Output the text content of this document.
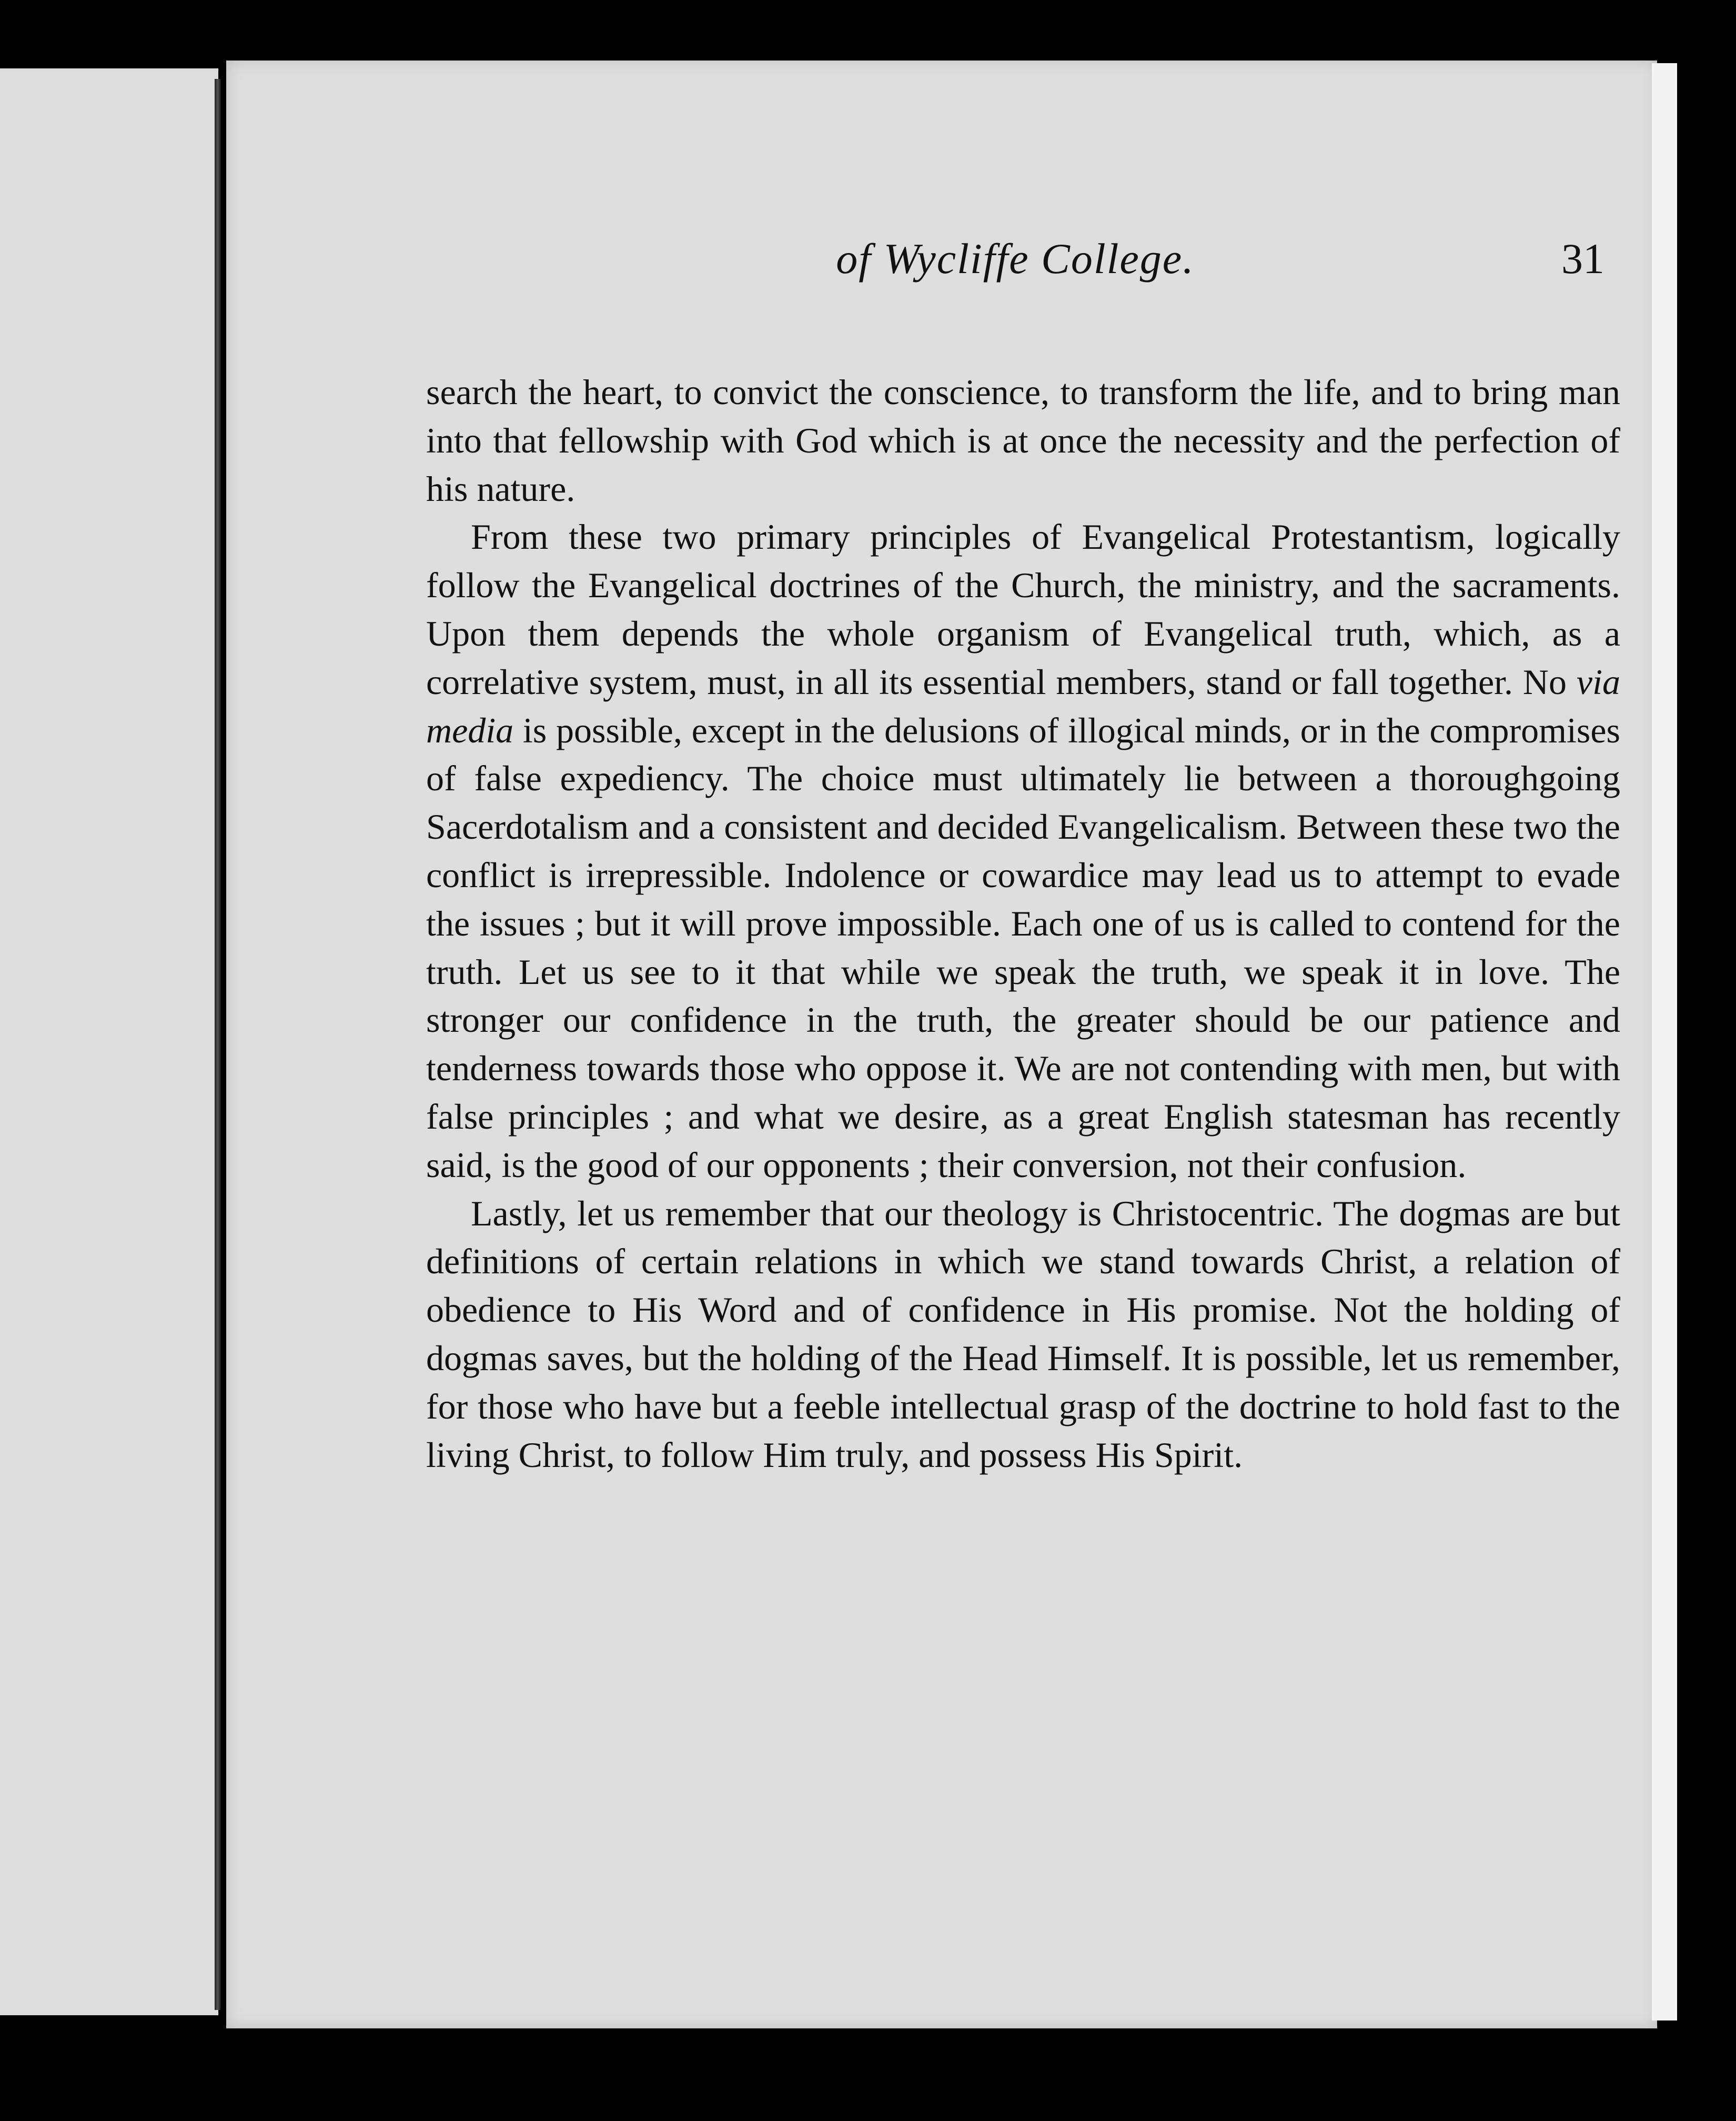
of Wycliffe College.	31

search the heart, to convict the conscience, to transform the life, and to bring man into that fellowship with God which is at once the necessity and the perfection of his nature.

From these two primary principles of Evangelical Protestantism, logically follow the Evangelical doctrines of the Church, the ministry, and the sacraments. Upon them depends the whole organism of Evangelical truth, which, as a correlative system, must, in all its essential members, stand or fall together. No via media is possible, except in the delusions of illogical minds, or in the compromises of false expediency. The choice must ultimately lie between a thoroughgoing Sacerdotalism and a consistent and decided Evangelicalism. Between these two the conflict is irrepressible. Indolence or cowardice may lead us to attempt to evade the issues ; but it will prove impossible. Each one of us is called to contend for the truth. Let us see to it that while we speak the truth, we speak it in love. The stronger our confidence in the truth, the greater should be our patience and tenderness towards those who oppose it. We are not contending with men, but with false principles ; and what we desire, as a great English statesman has recently said, is the good of our opponents ; their conversion, not their confusion.

Lastly, let us remember that our theology is Christocentric. The dogmas are but definitions of certain relations in which we stand towards Christ, a relation of obedience to His Word and of confidence in His promise. Not the holding of dogmas saves, but the holding of the Head Himself. It is possible, let us remember, for those who have but a feeble intellectual grasp of the doctrine to hold fast to the living Christ, to follow Him truly, and possess His Spirit.
